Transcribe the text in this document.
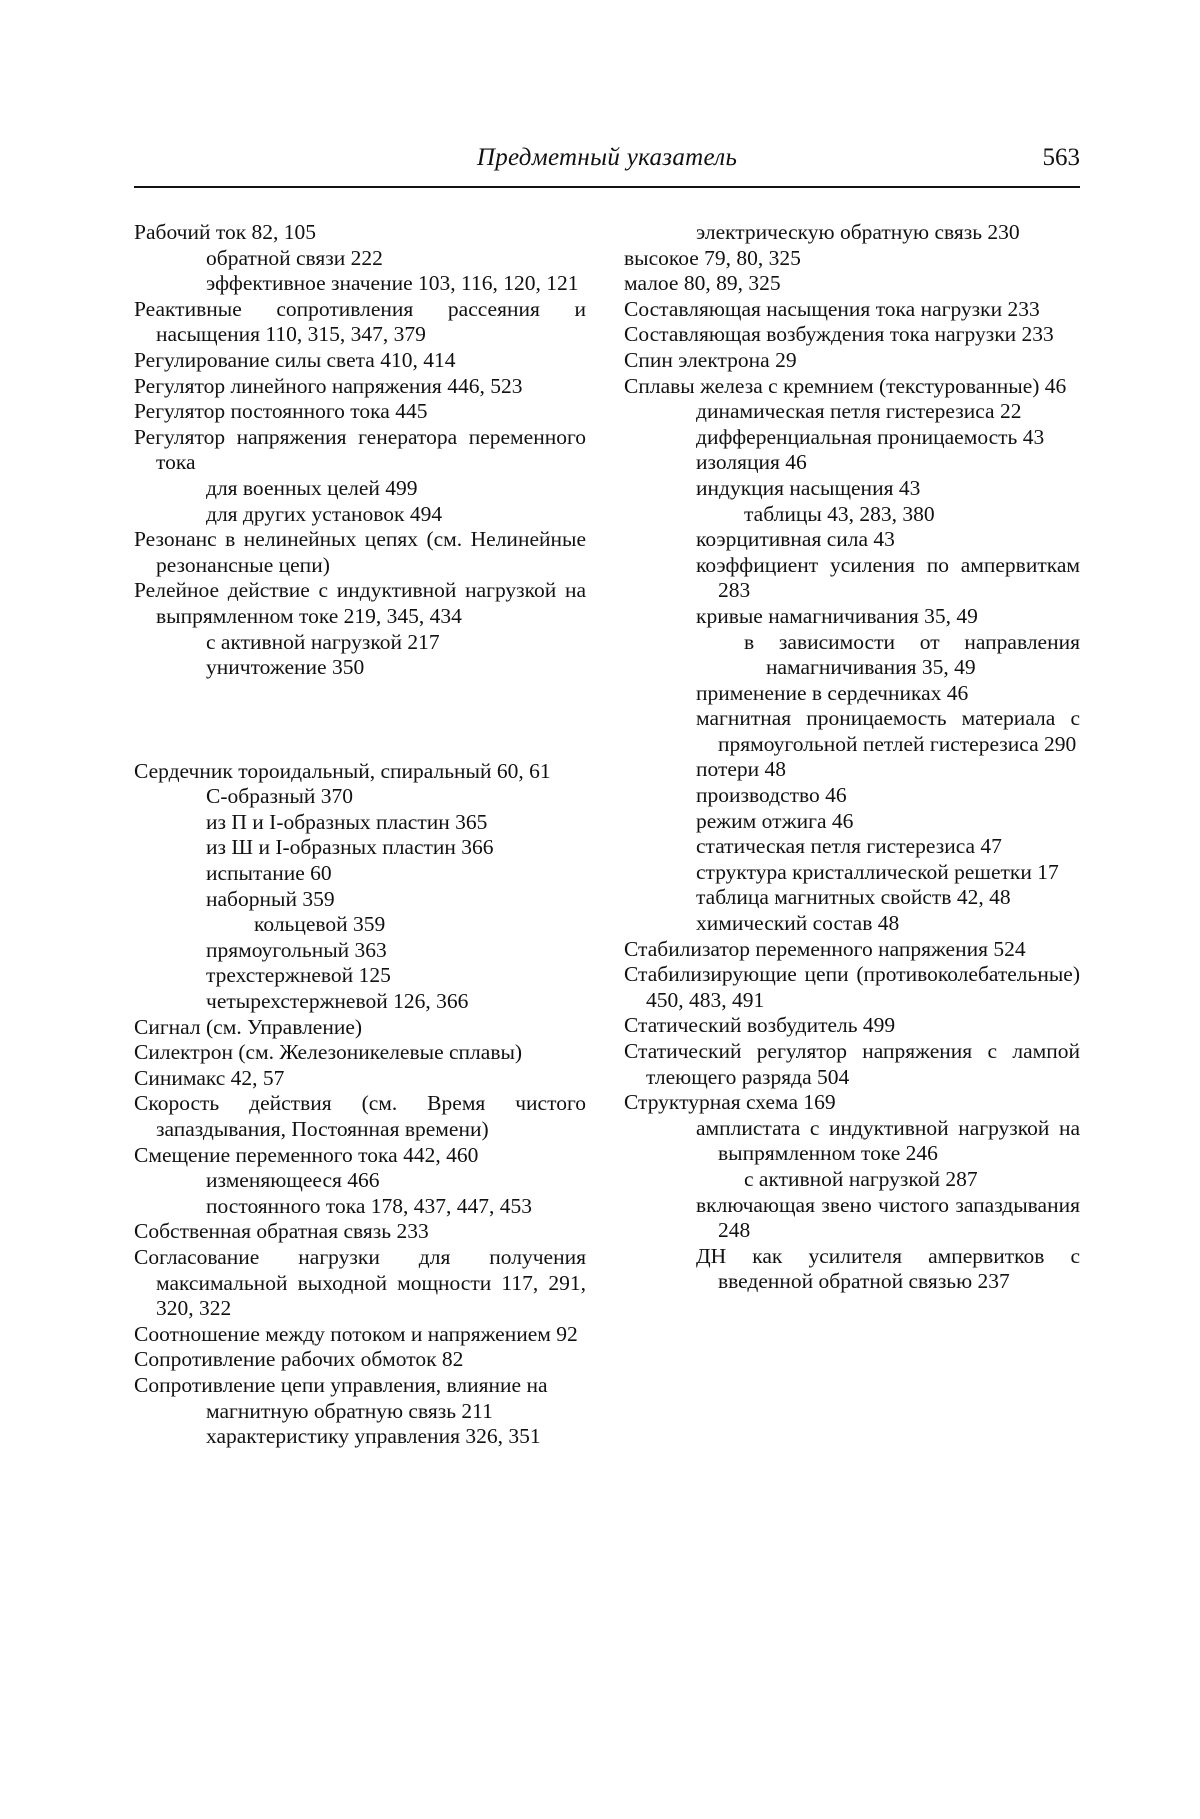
Предметный указатель	563
Рабочий ток 82, 105
обратной связи 222
эффективное значение 103, 116, 120, 121
Реактивные сопротивления рассеяния и насыщения 110, 315, 347, 379
Регулирование силы света 410, 414
Регулятор линейного напряжения 446, 523
Регулятор постоянного тока 445
Регулятор напряжения генератора переменного тока
для военных целей 499
для других установок 494
Резонанс в нелинейных цепях (см. Нелинейные резонансные цепи)
Релейное действие с индуктивной нагрузкой на выпрямленном токе 219, 345, 434
с активной нагрузкой 217
уничтожение 350
Сердечник тороидальный, спиральный 60, 61
С-образный 370
из П и I-образных пластин 365
из Ш и I-образных пластин 366
испытание 60
наборный 359
кольцевой 359
прямоугольный 363
трехстержневой 125
четырехстержневой 126, 366
Сигнал (см. Управление)
Силектрон (см. Железоникелевые сплавы)
Синимакс 42, 57
Скорость действия (см. Время чистого запаздывания, Постоянная времени)
Смещение переменного тока 442, 460
изменяющееся 466
постоянного тока 178, 437, 447, 453
Собственная обратная связь 233
Согласование нагрузки для получения максимальной выходной мощности 117, 291, 320, 322
Соотношение между потоком и напряжением 92
Сопротивление рабочих обмоток 82
Сопротивление цепи управления, влияние на
магнитную обратную связь 211
характеристику управления 326, 351
электрическую обратную связь 230
высокое 79, 80, 325
малое 80, 89, 325
Составляющая насыщения тока нагрузки 233
Составляющая возбуждения тока нагрузки 233
Спин электрона 29
Сплавы железа с кремнием (текстурованные) 46
динамическая петля гистерезиса 22
дифференциальная проницаемость 43
изоляция 46
индукция насыщения 43
таблицы 43, 283, 380
коэрцитивная сила 43
коэффициент усиления по ампервиткам 283
кривые намагничивания 35, 49
в зависимости от направления намагничивания 35, 49
применение в сердечниках 46
магнитная проницаемость материала с прямоугольной петлей гистерезиса 290
потери 48
производство 46
режим отжига 46
статическая петля гистерезиса 47
структура кристаллической решетки 17
таблица магнитных свойств 42, 48
химический состав 48
Стабилизатор переменного напряжения 524
Стабилизирующие цепи (противоколебательные) 450, 483, 491
Статический возбудитель 499
Статический регулятор напряжения с лампой тлеющего разряда 504
Структурная схема 169
амплистата с индуктивной нагрузкой на выпрямленном токе 246
с активной нагрузкой 287
включающая звено чистого запаздывания 248
ДН как усилителя ампервитков с введенной обратной связью 237
